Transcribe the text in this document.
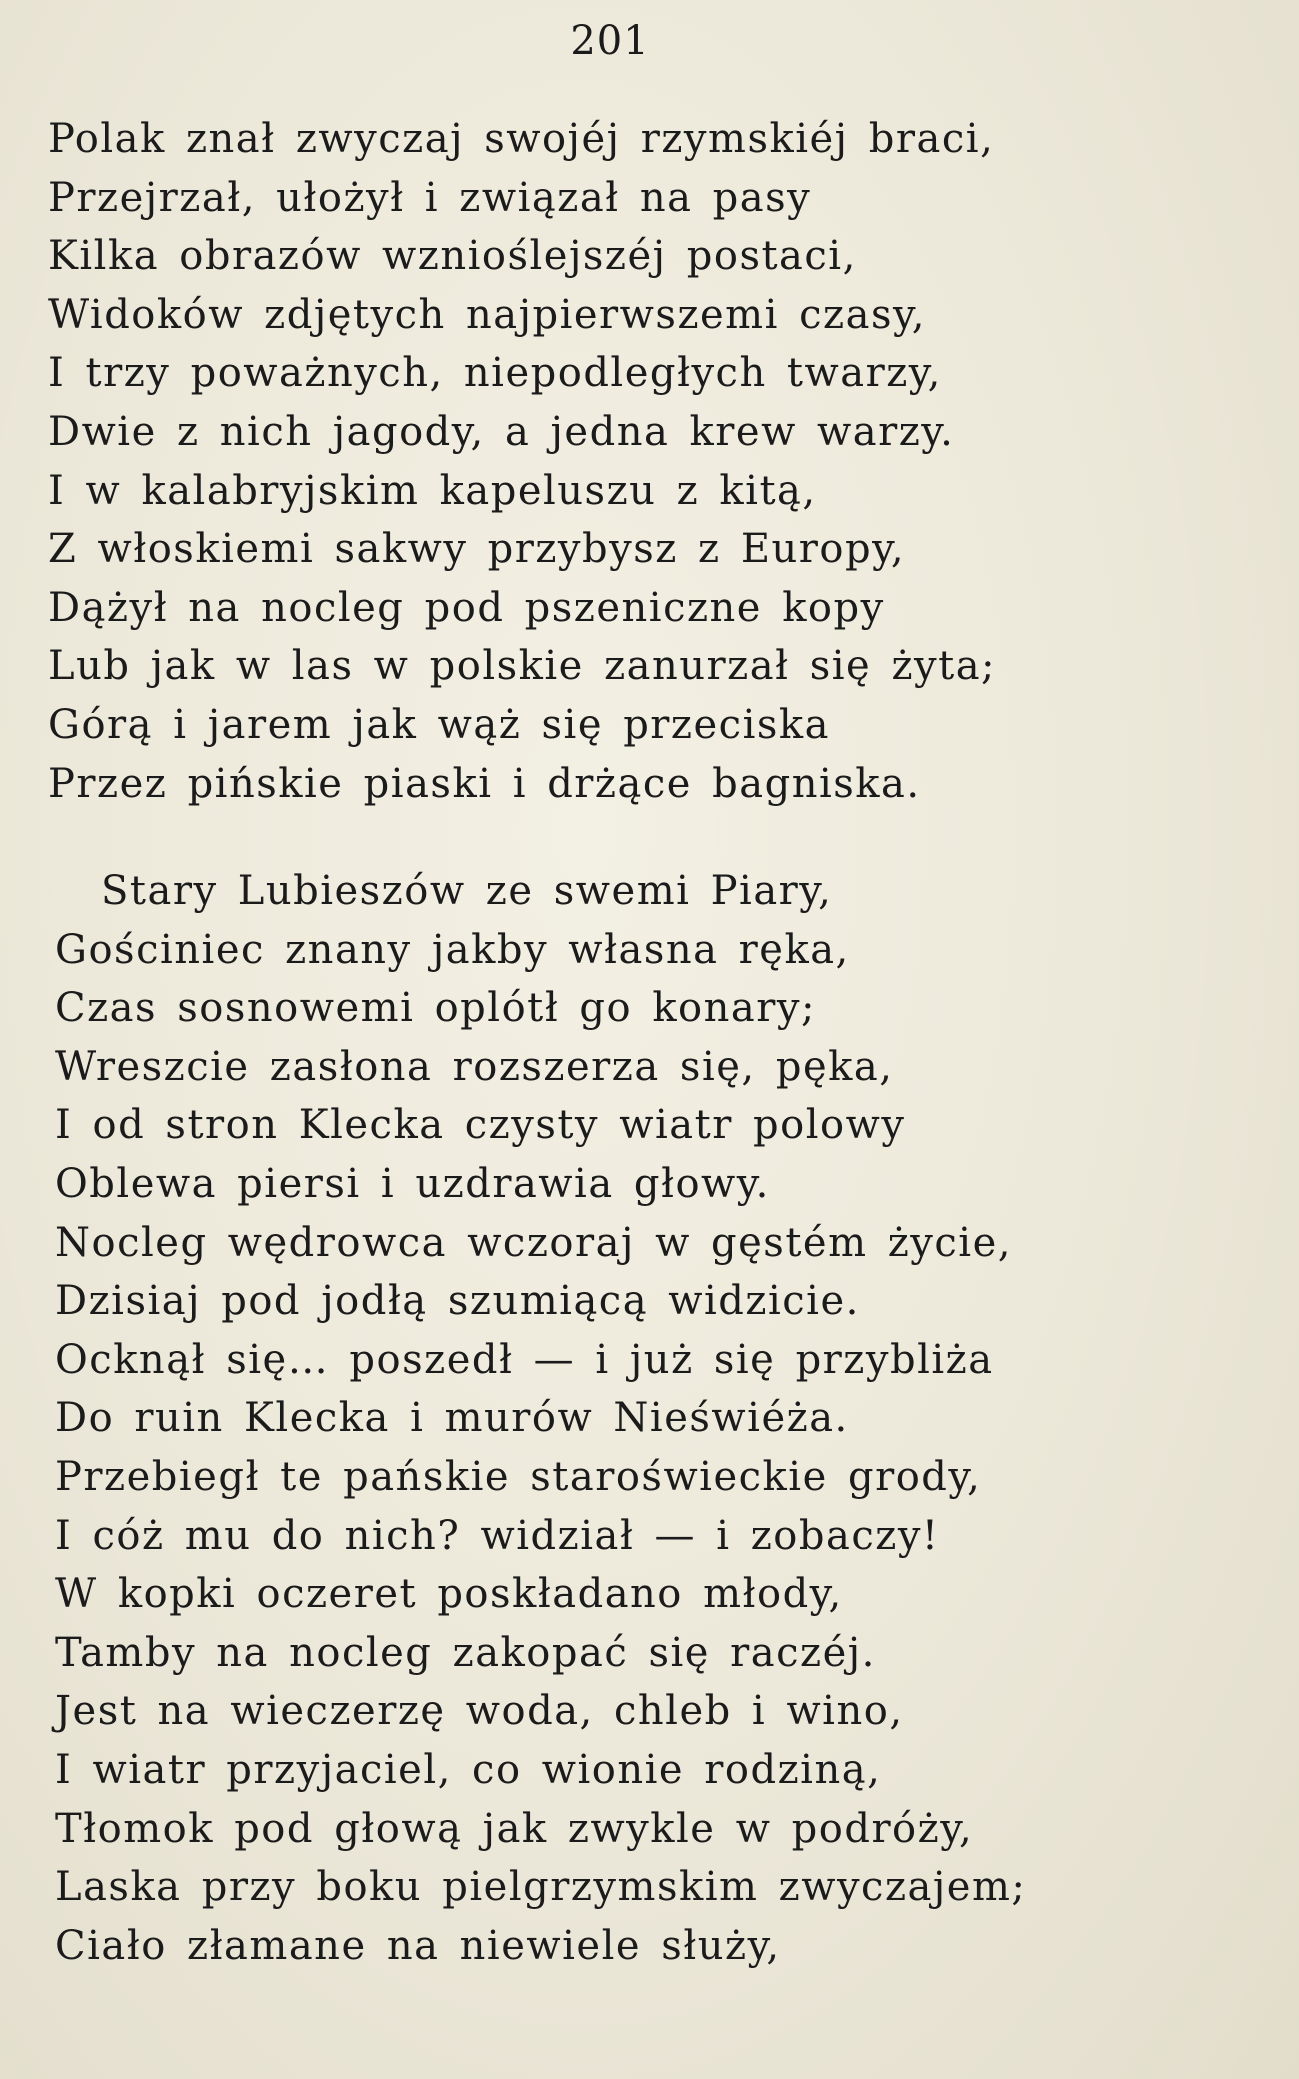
201
Polak znał zwyczaj swojéj rzymskiéj braci,
Przejrzał, ułożył i związał na pasy
Kilka obrazów wznioślejszéj postaci,
Widoków zdjętych najpierwszemi czasy,
I trzy poważnych, niepodległych twarzy,
Dwie z nich jagody, a jedna krew warzy.
I w kalabryjskim kapeluszu z kitą,
Z włoskiemi sakwy przybysz z Europy,
Dążył na nocleg pod pszeniczne kopy
Lub jak w las w polskie zanurzał się żyta;
Górą i jarem jak wąż się przeciska
Przez pińskie piaski i drżące bagniska.
Stary Lubieszów ze swemi Piary,
Gościniec znany jakby własna ręka,
Czas sosnowemi oplótł go konary;
Wreszcie zasłona rozszerza się, pęka,
I od stron Klecka czysty wiatr polowy
Oblewa piersi i uzdrawia głowy.
Nocleg wędrowca wczoraj w gęstém życie,
Dzisiaj pod jodłą szumiącą widzicie.
Ocknął się… poszedł — i już się przybliża
Do ruin Klecka i murów Nieświéża.
Przebiegł te pańskie staroświeckie grody,
I cóż mu do nich? widział — i zobaczy!
W kopki oczeret poskładano młody,
Tamby na nocleg zakopać się raczéj.
Jest na wieczerzę woda, chleb i wino,
I wiatr przyjaciel, co wionie rodziną,
Tłomok pod głową jak zwykle w podróży,
Laska przy boku pielgrzymskim zwyczajem;
Ciało złamane na niewiele służy,
